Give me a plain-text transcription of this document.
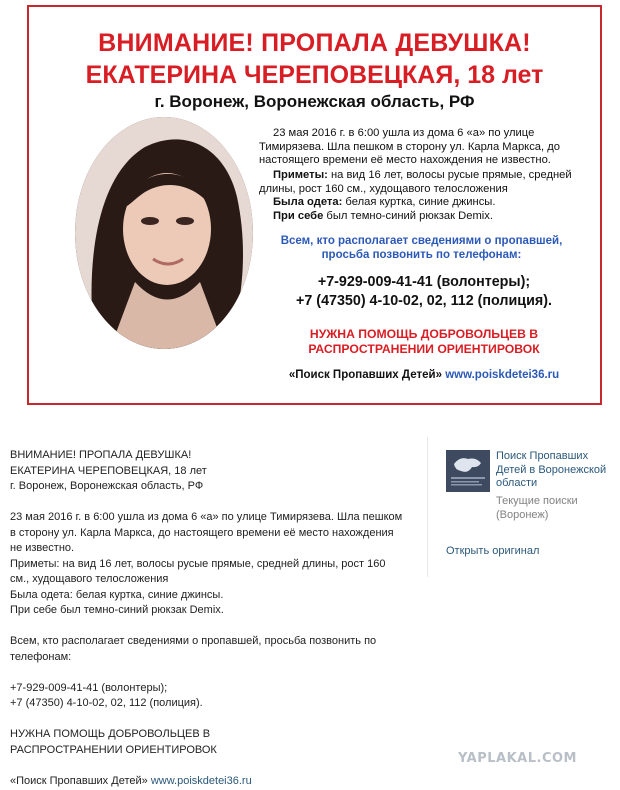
ВНИМАНИЕ! ПРОПАЛА ДЕВУШКА!
ЕКАТЕРИНА ЧЕРЕПОВЕЦКАЯ, 18 лет
г. Воронеж, Воронежская область, РФ
23 мая 2016 г. в 6:00 ушла из дома 6 «а» по улице
Тимирязева. Шла пешком в сторону ул. Карла Маркса, до
настоящего времени её место нахождения не известно.
Приметы: на вид 16 лет, волосы русые прямые, средней
длины, рост 160 см., худощавого телосложения
Была одета: белая куртка, синие джинсы.
При себе был темно-синий рюкзак Demix.
Всем, кто располагает сведениями о пропавшей,
просьба позвонить по телефонам:
+7-929-009-41-41 (волонтеры);
+7 (47350) 4-10-02, 02, 112 (полиция).
НУЖНА ПОМОЩЬ ДОБРОВОЛЬЦЕВ В
РАСПРОСТРАНЕНИИ ОРИЕНТИРОВОК
«Поиск Пропавших Детей» www.poiskdetei36.ru

ВНИМАНИЕ! ПРОПАЛА ДЕВУШКА!

ЕКАТЕРИНА ЧЕРЕПОВЕЦКАЯ, 18 лет

г. Воронеж, Воронежская область, РФ

23 мая 2016 г. в 6:00 ушла из дома 6 «а» по улице Тимирязева. Шла пешком

в сторону ул. Карла Маркса, до настоящего времени её место нахождения

не известно.

Приметы: на вид 16 лет, волосы русые прямые, средней длины, рост 160

см., худощавого телосложения

Была одета: белая куртка, синие джинсы.

При себе был темно-синий рюкзак Demix.

Всем, кто располагает сведениями о пропавшей, просьба позвонить по

телефонам:

+7-929-009-41-41 (волонтеры);

+7 (47350) 4-10-02, 02, 112 (полиция).

НУЖНА ПОМОЩЬ ДОБРОВОЛЬЦЕВ В

РАСПРОСТРАНЕНИИ ОРИЕНТИРОВОК

«Поиск Пропавших Детей» www.poiskdetei36.ru

Поиск Пропавших Детей в Воронежской области
Текущие поиски (Воронеж)
Открыть оригинал
YAPLAKAL.COM
